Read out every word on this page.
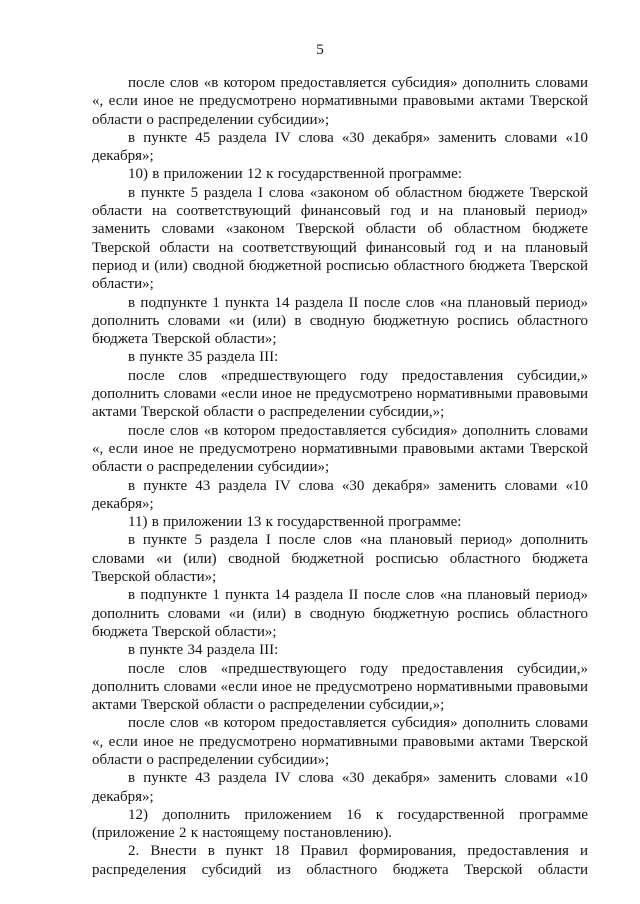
5

после слов «в котором предоставляется субсидия» дополнить словами «, если иное не предусмотрено нормативными правовыми актами Тверской области о распределении субсидии»;

в пункте 45 раздела IV слова «30 декабря» заменить словами «10 декабря»;

10) в приложении 12 к государственной программе:

в пункте 5 раздела I слова «законом об областном бюджете Тверской области на соответствующий финансовый год и на плановый период» заменить словами «законом Тверской области об областном бюджете Тверской области на соответствующий финансовый год и на плановый период и (или) сводной бюджетной росписью областного бюджета Тверской области»;

в подпункте 1 пункта 14 раздела II после слов «на плановый период» дополнить словами «и (или) в сводную бюджетную роспись областного бюджета Тверской области»;

в пункте 35 раздела III:

после слов «предшествующего году предоставления субсидии,» дополнить словами «если иное не предусмотрено нормативными правовыми актами Тверской области о распределении субсидии,»;

после слов «в котором предоставляется субсидия» дополнить словами «, если иное не предусмотрено нормативными правовыми актами Тверской области о распределении субсидии»;

в пункте 43 раздела IV слова «30 декабря» заменить словами «10 декабря»;

11) в приложении 13 к государственной программе:

в пункте 5 раздела I после слов «на плановый период» дополнить словами «и (или) сводной бюджетной росписью областного бюджета Тверской области»;

в подпункте 1 пункта 14 раздела II после слов «на плановый период» дополнить словами «и (или) в сводную бюджетную роспись областного бюджета Тверской области»;

в пункте 34 раздела III:

после слов «предшествующего году предоставления субсидии,» дополнить словами «если иное не предусмотрено нормативными правовыми актами Тверской области о распределении субсидии,»;

после слов «в котором предоставляется субсидия» дополнить словами «, если иное не предусмотрено нормативными правовыми актами Тверской области о распределении субсидии»;

в пункте 43 раздела IV слова «30 декабря» заменить словами «10 декабря»;

12) дополнить приложением 16 к государственной программе (приложение 2 к настоящему постановлению).

2. Внести в пункт 18 Правил формирования, предоставления и распределения субсидий из областного бюджета Тверской области
